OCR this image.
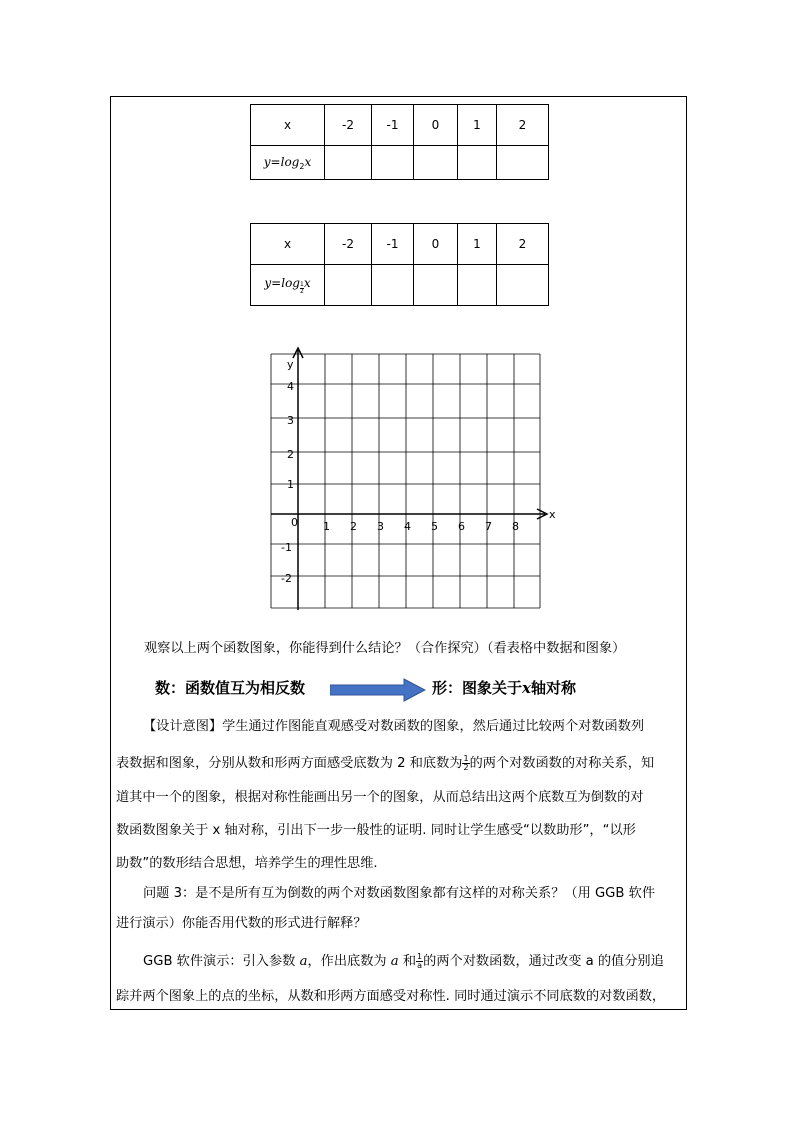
x	-2	-1	0	1	2
$y=\log_2x$					
x	-2	-1	0	1	2
$y=\log \frac{1}{2}$ x					
x
y
0 1 2 3 4 5 6 7 8
4
3
2
1
-1
-2
观察以上两个函数图象，你能得到什么结论？（合作探究）（看表格中数据和图象）
数：函数值互为相反数	形：图象关于x轴对称
【设计意图】学生通过作图能直观感受对数函数的图象，然后通过比较两个对数函数列
表数据和图象，分别从数和形两方面感受底数为 2 和底数为 $\frac{1}{2}$ 的两个对数函数的对称关系，知
道其中一个的图象，根据对称性能画出另一个的图象，从而总结出这两个底数互为倒数的对
数函数图象关于 x 轴对称，引出下一步一般性的证明. 同时让学生感受“以数助形”，“以形
助数”的数形结合思想，培养学生的理性思维.
问题 3：是不是所有互为倒数的两个对数函数图象都有这样的对称关系？（用 GGB 软件
进行演示）你能否用代数的形式进行解释？
GGB 软件演示：引入参数 a，作出底数为 a 和 $\frac{1}{a}$ 的两个对数函数，通过改变 a 的值分别追
踪并两个图象上的点的坐标，从数和形两方面感受对称性. 同时通过演示不同底数的对数函数，
